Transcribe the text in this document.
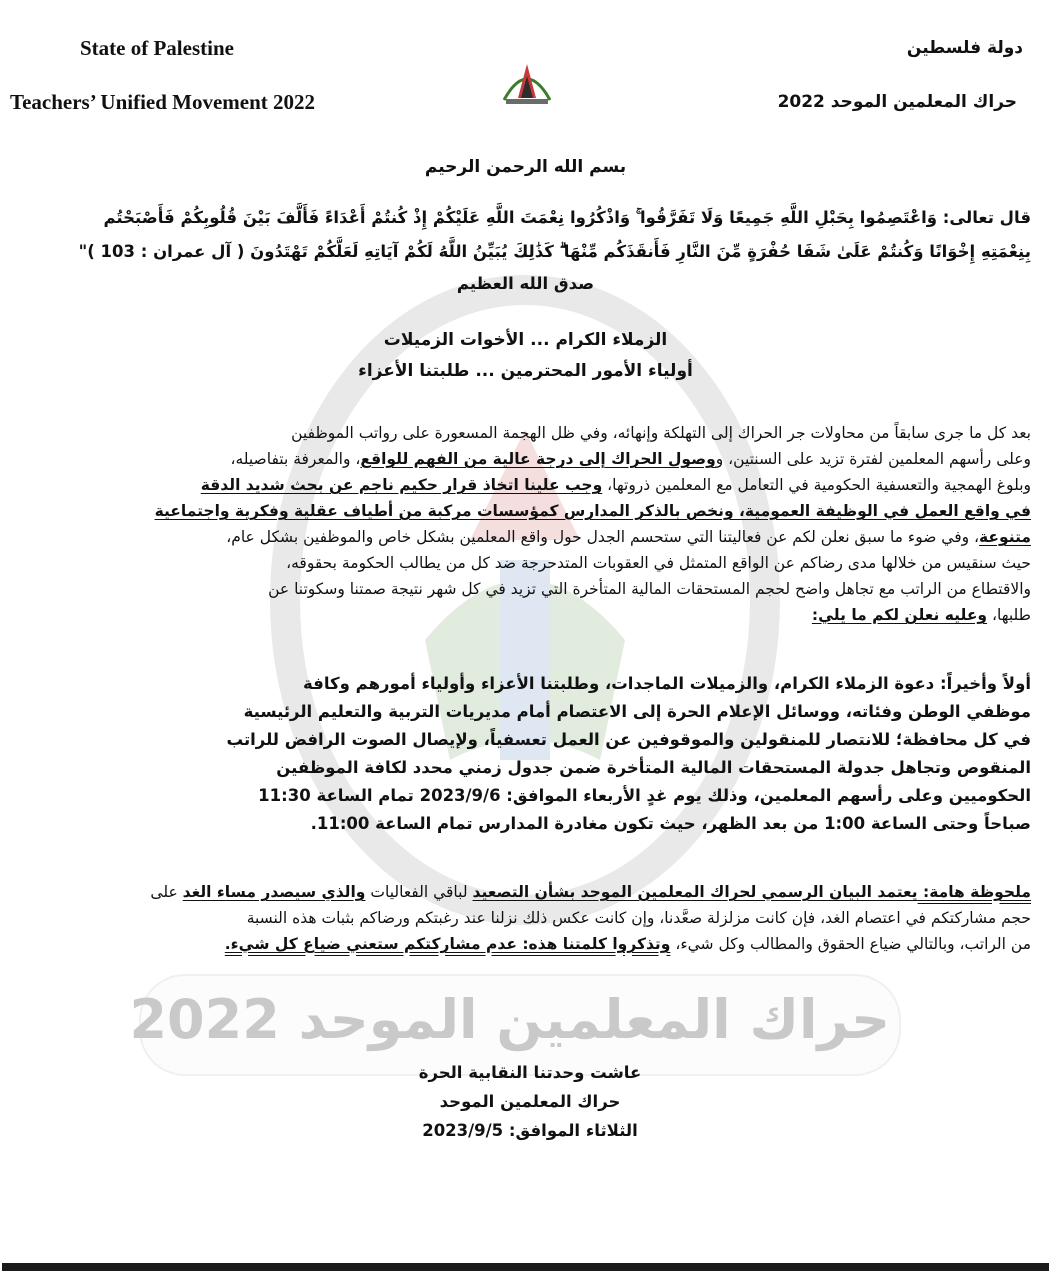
حراك المعلمين الموحد 2022
State of Palestine
Teachers’ Unified Movement 2022
دولة فلسطين
حراك المعلمين الموحد 2022
بسم الله الرحمن الرحيم
قال تعالى: وَاعْتَصِمُوا بِحَبْلِ اللَّهِ جَمِيعًا وَلَا تَفَرَّقُوا ۚ وَاذْكُرُوا نِعْمَتَ اللَّهِ عَلَيْكُمْ إِذْ كُنتُمْ أَعْدَاءً فَأَلَّفَ بَيْنَ قُلُوبِكُمْ فَأَصْبَحْتُم
بِنِعْمَتِهِ إِخْوَانًا وَكُنتُمْ عَلَىٰ شَفَا حُفْرَةٍ مِّنَ النَّارِ فَأَنقَذَكُم مِّنْهَا ۗ كَذَٰلِكَ يُبَيِّنُ اللَّهُ لَكُمْ آيَاتِهِ لَعَلَّكُمْ تَهْتَدُونَ ( آل عمران : 103 )"
صدق الله العظيم
الزملاء الكرام ... الأخوات الزميلات
أولياء الأمور المحترمين ... طلبتنا الأعزاء
بعد كل ما جرى سابقاً من محاولات جر الحراك إلى التهلكة وإنهائه، وفي ظل الهجمة المسعورة على رواتب الموظفين
وعلى رأسهم المعلمين لفترة تزيد على السنتين، ووصول الحراك إلى درجة عالية من الفهم للواقع، والمعرفة بتفاصيله،
وبلوغ الهمجية والتعسفية الحكومية في التعامل مع المعلمين ذروتها، وجب علينا اتخاذ قرار حكيم ناجم عن بحث شديد الدقة
في واقع العمل في الوظيفة العمومية، ونخص بالذكر المدارس كمؤسسات مركبة من أطياف عقلية وفكرية واجتماعية
متنوعة، وفي ضوء ما سبق نعلن لكم عن فعاليتنا التي ستحسم الجدل حول واقع المعلمين بشكل خاص والموظفين بشكل عام،
حيث سنقيس من خلالها مدى رضاكم عن الواقع المتمثل في العقوبات المتدحرجة ضد كل من يطالب الحكومة بحقوقه،
والاقتطاع من الراتب مع تجاهل واضح لحجم المستحقات المالية المتأخرة التي تزيد في كل شهر نتيجة صمتنا وسكوتنا عن
طلبها، وعليه نعلن لكم ما يلي:
أولاً وأخيراً: دعوة الزملاء الكرام، والزميلات الماجدات، وطلبتنا الأعزاء وأولياء أمورهم وكافة
موظفي الوطن وفئاته، ووسائل الإعلام الحرة إلى الاعتصام أمام مديريات التربية والتعليم الرئيسية
في كل محافظة؛ للانتصار للمنقولين والموقوفين عن العمل تعسفياً، ولإيصال الصوت الرافض للراتب
المنقوص وتجاهل جدولة المستحقات المالية المتأخرة ضمن جدول زمني محدد لكافة الموظفين
الحكوميين وعلى رأسهم المعلمين، وذلك يوم غدٍ الأربعاء الموافق: 2023/9/6 تمام الساعة 11:30
صباحاً وحتى الساعة 1:00 من بعد الظهر، حيث تكون مغادرة المدارس تمام الساعة 11:00.
ملحوظة هامة: يعتمد البيان الرسمي لحراك المعلمين الموحد بشأن التصعيد لباقي الفعاليات والذي سيصدر مساء الغد على
حجم مشاركتكم في اعتصام الغد، فإن كانت مزلزلة صعَّدنا، وإن كانت عكس ذلك نزلنا عند رغبتكم ورضاكم بثبات هذه النسبة
من الراتب، وبالتالي ضياع الحقوق والمطالب وكل شيء، وتذكروا كلمتنا هذه: عدم مشاركتكم ستعني ضياع كل شيء.
عاشت وحدتنا النقابية الحرة
حراك المعلمين الموحد
الثلاثاء الموافق: 2023/9/5
